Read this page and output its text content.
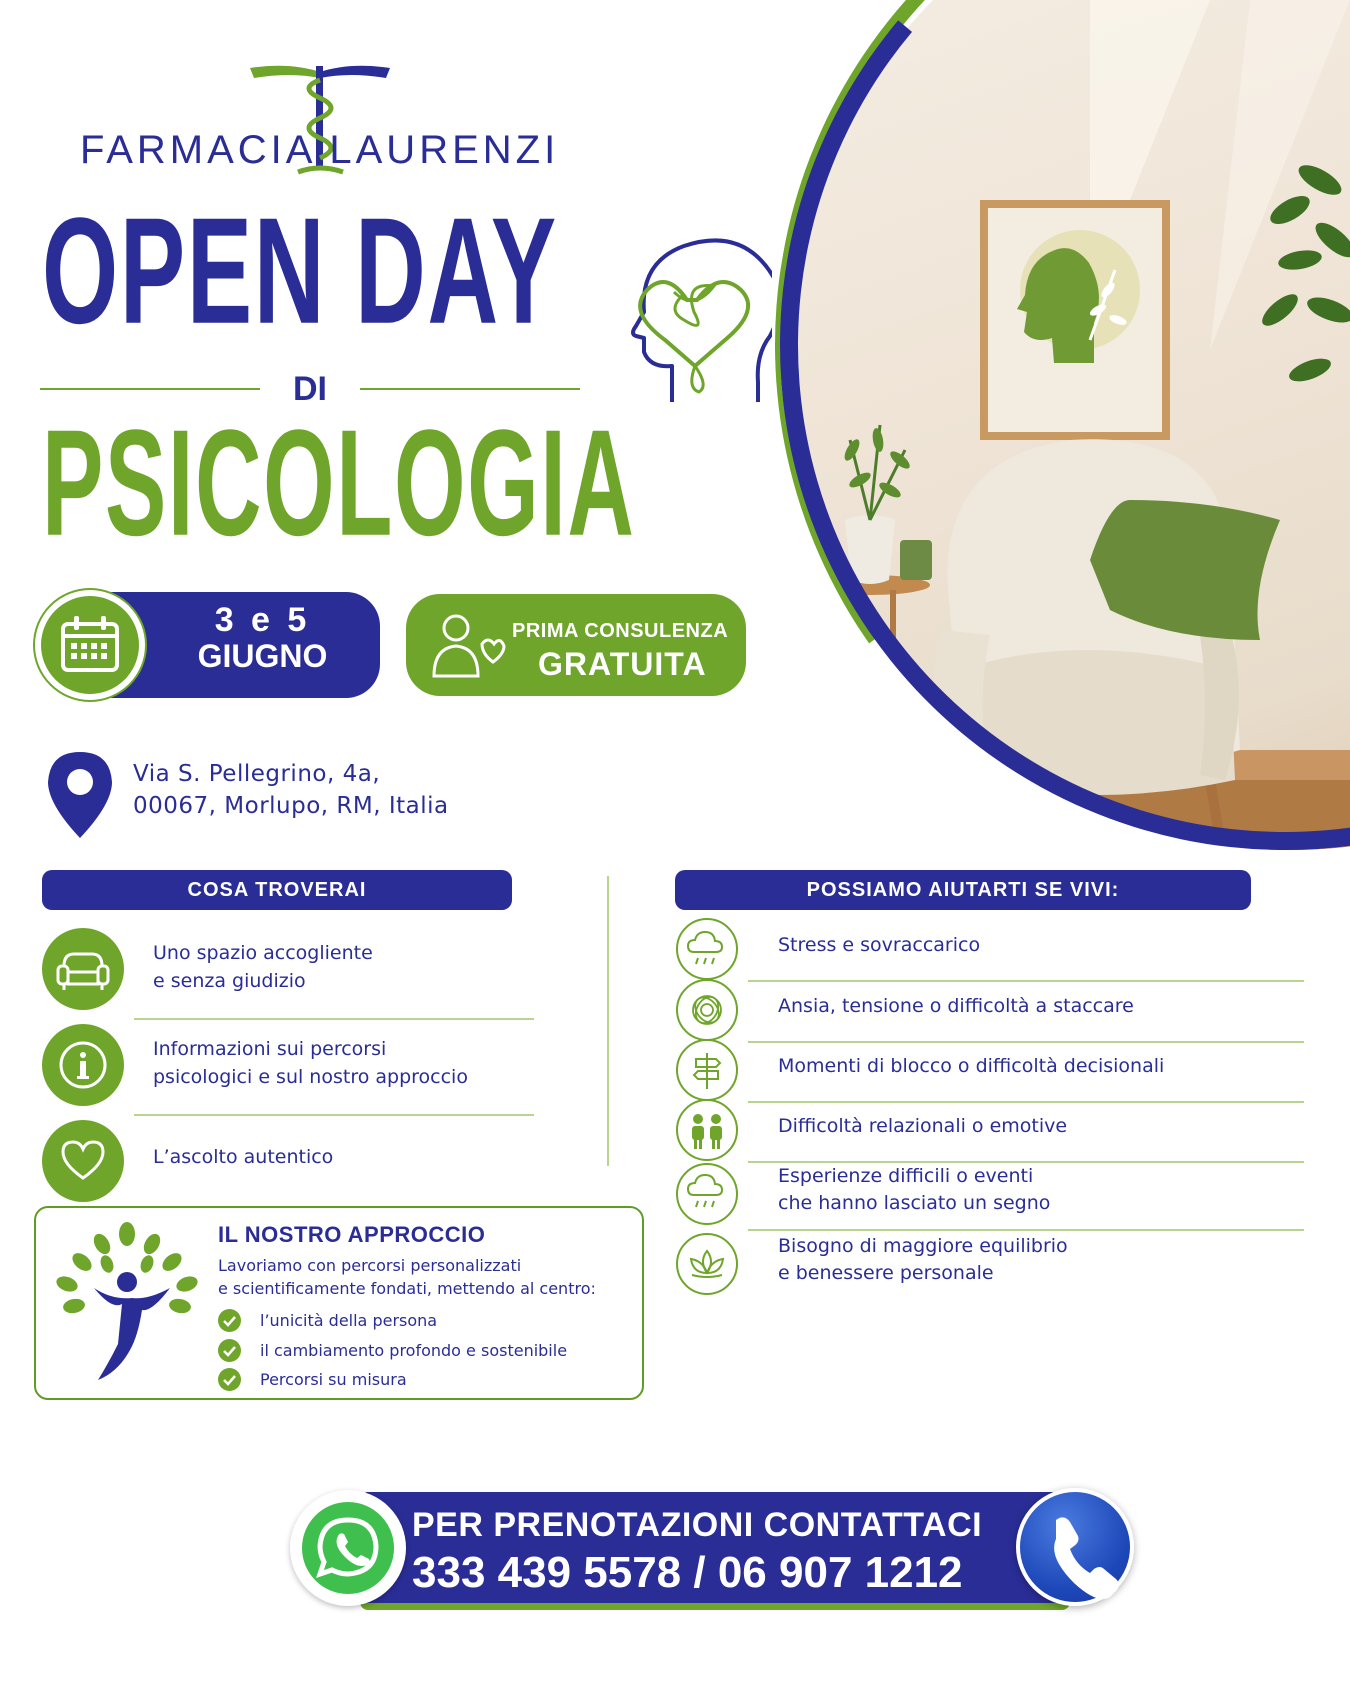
FARMACIA LAURENZI
OPEN DAY
DI
PSICOLOGIA
3 e 5
GIUGNO
PRIMA CONSULENZA
GRATUITA
Via S. Pellegrino, 4a,
00067, Morlupo, RM, Italia
COSA TROVERAI
Uno spazio accogliente
e senza giudizio
Informazioni sui percorsi
psicologici e sul nostro approccio
L’ascolto autentico
IL NOSTRO APPROCCIO
Lavoriamo con percorsi personalizzati
e scientificamente fondati, mettendo al centro:
l’unicità della persona
il cambiamento profondo e sostenibile
Percorsi su misura
POSSIAMO AIUTARTI SE VIVI:
Stress e sovraccarico
Ansia, tensione o difficoltà a staccare
Momenti di blocco o difficoltà decisionali
Difficoltà relazionali o emotive
Esperienze difficili o eventi
che hanno lasciato un segno
Bisogno di maggiore equilibrio
e benessere personale
PER PRENOTAZIONI CONTATTACI
333 439 5578 / 06 907 1212
